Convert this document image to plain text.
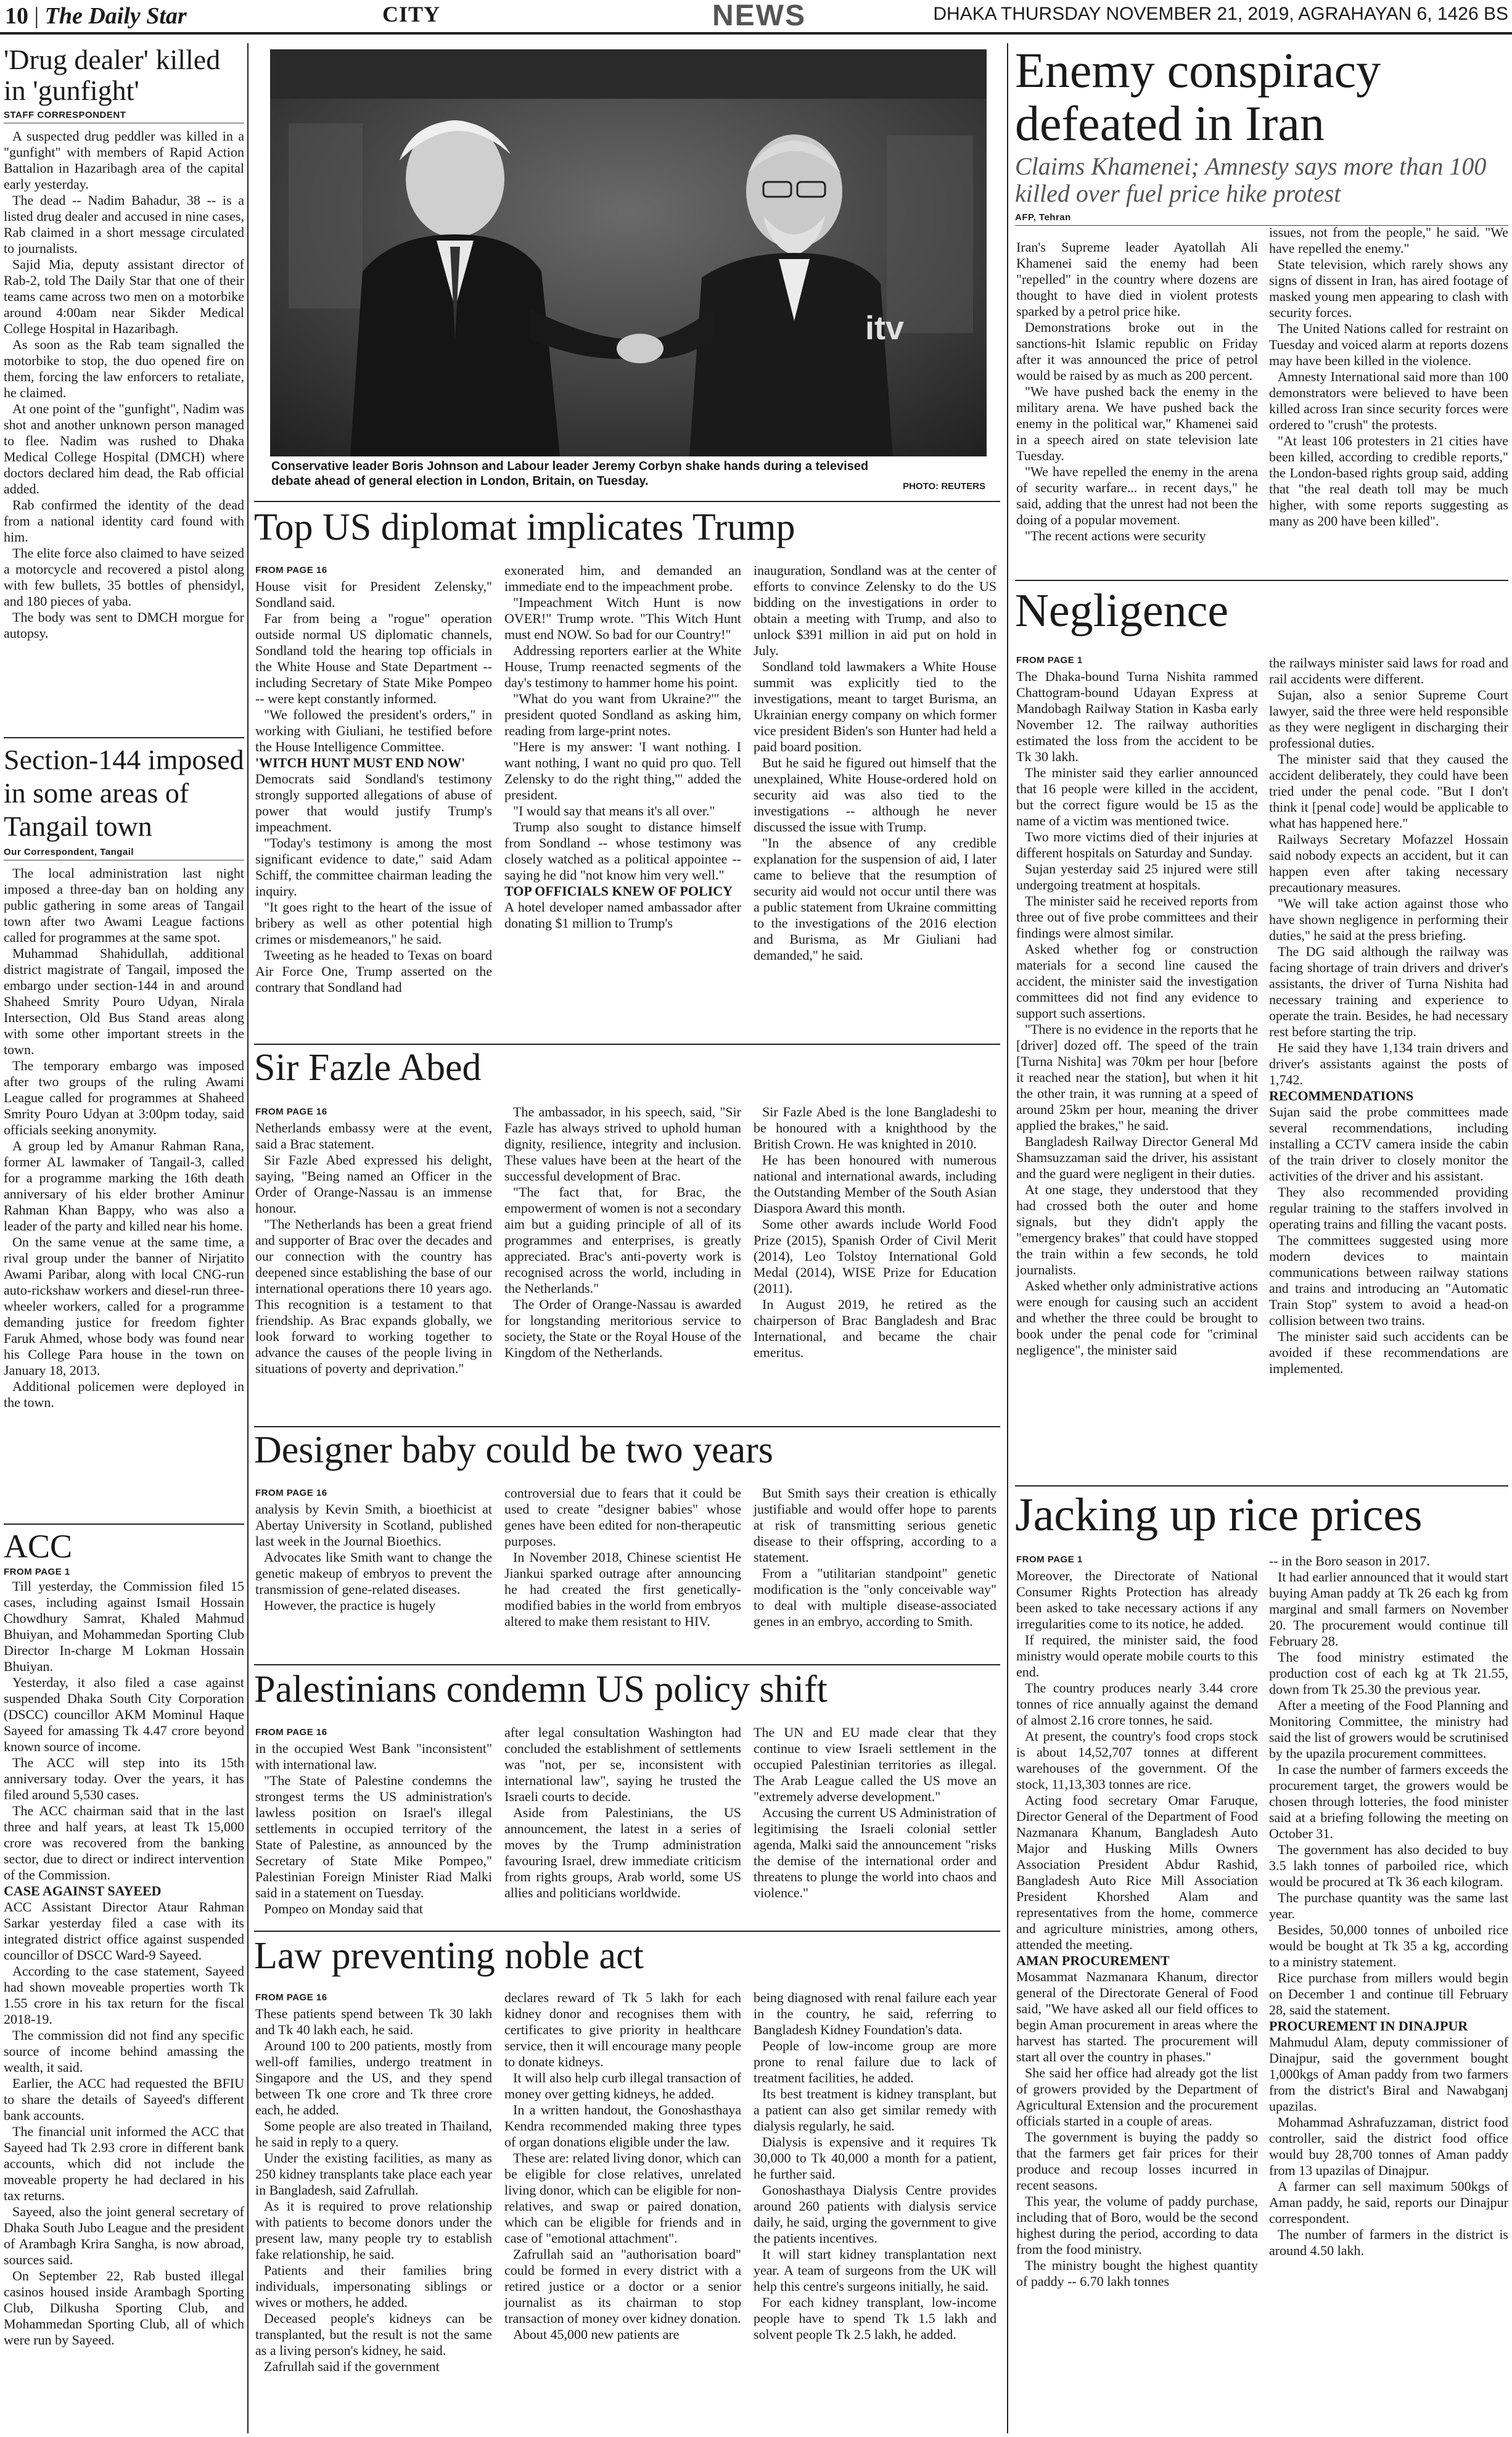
10 | The Daily Star	CITY	NEWS	DHAKA THURSDAY NOVEMBER 21, 2019, AGRAHAYAN 6, 1426 BS
'Drug dealer' killed in 'gunfight'
STAFF CORRESPONDENT

A suspected drug peddler was killed in a "gunfight" with members of Rapid Action Battalion in Hazaribagh area of the capital early yesterday.

The dead -- Nadim Bahadur, 38 -- is a listed drug dealer and accused in nine cases, Rab claimed in a short message circulated to journalists.

Sajid Mia, deputy assistant director of Rab-2, told The Daily Star that one of their teams came across two men on a motorbike around 4:00am near Sikder Medical College Hospital in Hazaribagh.

As soon as the Rab team signalled the motorbike to stop, the duo opened fire on them, forcing the law enforcers to retaliate, he claimed.

At one point of the "gunfight", Nadim was shot and another unknown person managed to flee. Nadim was rushed to Dhaka Medical College Hospital (DMCH) where doctors declared him dead, the Rab official added.

Rab confirmed the identity of the dead from a national identity card found with him.

The elite force also claimed to have seized a motorcycle and recovered a pistol along with few bullets, 35 bottles of phensidyl, and 180 pieces of yaba.

The body was sent to DMCH morgue for autopsy.

Section-144 imposed in some areas of Tangail town
Our Correspondent, Tangail

The local administration last night imposed a three-day ban on holding any public gathering in some areas of Tangail town after two Awami League factions called for programmes at the same spot.

Muhammad Shahidullah, additional district magistrate of Tangail, imposed the embargo under section-144 in and around Shaheed Smrity Pouro Udyan, Nirala Intersection, Old Bus Stand areas along with some other important streets in the town.

The temporary embargo was imposed after two groups of the ruling Awami League called for programmes at Shaheed Smrity Pouro Udyan at 3:00pm today, said officials seeking anonymity.

A group led by Amanur Rahman Rana, former AL lawmaker of Tangail-3, called for a programme marking the 16th death anniversary of his elder brother Aminur Rahman Khan Bappy, who was also a leader of the party and killed near his home.

On the same venue at the same time, a rival group under the banner of Nirjatito Awami Paribar, along with local CNG-run auto-rickshaw workers and diesel-run three-wheeler workers, called for a programme demanding justice for freedom fighter Faruk Ahmed, whose body was found near his College Para house in the town on January 18, 2013.

Additional policemen were deployed in the town.

ACC
FROM PAGE 1

Till yesterday, the Commission filed 15 cases, including against Ismail Hossain Chowdhury Samrat, Khaled Mahmud Bhuiyan, and Mohammedan Sporting Club Director In-charge M Lokman Hossain Bhuiyan.

Yesterday, it also filed a case against suspended Dhaka South City Corporation (DSCC) councillor AKM Mominul Haque Sayeed for amassing Tk 4.47 crore beyond known source of income.

The ACC will step into its 15th anniversary today. Over the years, it has filed around 5,530 cases.

The ACC chairman said that in the last three and half years, at least Tk 15,000 crore was recovered from the banking sector, due to direct or indirect intervention of the Commission.

CASE AGAINST SAYEED

ACC Assistant Director Ataur Rahman Sarkar yesterday filed a case with its integrated district office against suspended councillor of DSCC Ward-9 Sayeed.

According to the case statement, Sayeed had shown moveable properties worth Tk 1.55 crore in his tax return for the fiscal 2018-19.

The commission did not find any specific source of income behind amassing the wealth, it said.

Earlier, the ACC had requested the BFIU to share the details of Sayeed's different bank accounts.

The financial unit informed the ACC that Sayeed had Tk 2.93 crore in different bank accounts, which did not include the moveable property he had declared in his tax returns.

Sayeed, also the joint general secretary of Dhaka South Jubo League and the president of Arambagh Krira Sangha, is now abroad, sources said.

On September 22, Rab busted illegal casinos housed inside Arambagh Sporting Club, Dilkusha Sporting Club, and Mohammedan Sporting Club, all of which were run by Sayeed.

itv
Conservative leader Boris Johnson and Labour leader Jeremy Corbyn shake hands during a televised debate ahead of general election in London, Britain, on Tuesday.	PHOTO: REUTERS
Top US diplomat implicates Trump
FROM PAGE 16

House visit for President Zelensky," Sondland said.

Far from being a "rogue" operation outside normal US diplomatic channels, Sondland told the hearing top officials in the White House and State Department -- including Secretary of State Mike Pompeo -- were kept constantly informed.

"We followed the president's orders," in working with Giuliani, he testified before the House Intelligence Committee.

'WITCH HUNT MUST END NOW'

Democrats said Sondland's testimony strongly supported allegations of abuse of power that would justify Trump's impeachment.

"Today's testimony is among the most significant evidence to date," said Adam Schiff, the committee chairman leading the inquiry.

"It goes right to the heart of the issue of bribery as well as other potential high crimes or misdemeanors," he said.

Tweeting as he headed to Texas on board Air Force One, Trump asserted on the contrary that Sondland had

exonerated him, and demanded an immediate end to the impeachment probe.

"Impeachment Witch Hunt is now OVER!" Trump wrote. "This Witch Hunt must end NOW. So bad for our Country!"

Addressing reporters earlier at the White House, Trump reenacted segments of the day's testimony to hammer home his point.

"What do you want from Ukraine?'" the president quoted Sondland as asking him, reading from large-print notes.

"Here is my answer: 'I want nothing. I want nothing, I want no quid pro quo. Tell Zelensky to do the right thing,'" added the president.

"I would say that means it's all over."

Trump also sought to distance himself from Sondland -- whose testimony was closely watched as a political appointee -- saying he did "not know him very well."

TOP OFFICIALS KNEW OF POLICY

A hotel developer named ambassador after donating $1 million to Trump's

inauguration, Sondland was at the center of efforts to convince Zelensky to do the US bidding on the investigations in order to obtain a meeting with Trump, and also to unlock $391 million in aid put on hold in July.

Sondland told lawmakers a White House summit was explicitly tied to the investigations, meant to target Burisma, an Ukrainian energy company on which former vice president Biden's son Hunter had held a paid board position.

But he said he figured out himself that the unexplained, White House-ordered hold on security aid was also tied to the investigations -- although he never discussed the issue with Trump.

"In the absence of any credible explanation for the suspension of aid, I later came to believe that the resumption of security aid would not occur until there was a public statement from Ukraine committing to the investigations of the 2016 election and Burisma, as Mr Giuliani had demanded," he said.

Sir Fazle Abed
FROM PAGE 16

Netherlands embassy were at the event, said a Brac statement.

Sir Fazle Abed expressed his delight, saying, "Being named an Officer in the Order of Orange-Nassau is an immense honour.

"The Netherlands has been a great friend and supporter of Brac over the decades and our connection with the country has deepened since establishing the base of our international operations there 10 years ago. This recognition is a testament to that friendship. As Brac expands globally, we look forward to working together to advance the causes of the people living in situations of poverty and deprivation."

The ambassador, in his speech, said, "Sir Fazle has always strived to uphold human dignity, resilience, integrity and inclusion. These values have been at the heart of the successful development of Brac.

"The fact that, for Brac, the empowerment of women is not a secondary aim but a guiding principle of all of its programmes and enterprises, is greatly appreciated. Brac's anti-poverty work is recognised across the world, including in the Netherlands."

The Order of Orange-Nassau is awarded for longstanding meritorious service to society, the State or the Royal House of the Kingdom of the Netherlands.

Sir Fazle Abed is the lone Bangladeshi to be honoured with a knighthood by the British Crown. He was knighted in 2010.

He has been honoured with numerous national and international awards, including the Outstanding Member of the South Asian Diaspora Award this month.

Some other awards include World Food Prize (2015), Spanish Order of Civil Merit (2014), Leo Tolstoy International Gold Medal (2014), WISE Prize for Education (2011).

In August 2019, he retired as the chairperson of Brac Bangladesh and Brac International, and became the chair emeritus.

Designer baby could be two years
FROM PAGE 16

analysis by Kevin Smith, a bioethicist at Abertay University in Scotland, published last week in the Journal Bioethics.

Advocates like Smith want to change the genetic makeup of embryos to prevent the transmission of gene-related diseases.

However, the practice is hugely

controversial due to fears that it could be used to create "designer babies" whose genes have been edited for non-therapeutic purposes.

In November 2018, Chinese scientist He Jiankui sparked outrage after announcing he had created the first genetically-modified babies in the world from embryos altered to make them resistant to HIV.

But Smith says their creation is ethically justifiable and would offer hope to parents at risk of transmitting serious genetic disease to their offspring, according to a statement.

From a "utilitarian standpoint" genetic modification is the "only conceivable way" to deal with multiple disease-associated genes in an embryo, according to Smith.

Palestinians condemn US policy shift
FROM PAGE 16

in the occupied West Bank "inconsistent" with international law.

"The State of Palestine condemns the strongest terms the US administration's lawless position on Israel's illegal settlements in occupied territory of the State of Palestine, as announced by the Secretary of State Mike Pompeo," Palestinian Foreign Minister Riad Malki said in a statement on Tuesday.

Pompeo on Monday said that

after legal consultation Washington had concluded the establishment of settlements was "not, per se, inconsistent with international law", saying he trusted the Israeli courts to decide.

Aside from Palestinians, the US announcement, the latest in a series of moves by the Trump administration favouring Israel, drew immediate criticism from rights groups, Arab world, some US allies and politicians worldwide.

The UN and EU made clear that they continue to view Israeli settlement in the occupied Palestinian territories as illegal. The Arab League called the US move an "extremely adverse development."

Accusing the current US Administration of legitimising the Israeli colonial settler agenda, Malki said the announcement "risks the demise of the international order and threatens to plunge the world into chaos and violence."

Law preventing noble act
FROM PAGE 16

These patients spend between Tk 30 lakh and Tk 40 lakh each, he said.

Around 100 to 200 patients, mostly from well-off families, undergo treatment in Singapore and the US, and they spend between Tk one crore and Tk three crore each, he added.

Some people are also treated in Thailand, he said in reply to a query.

Under the existing facilities, as many as 250 kidney transplants take place each year in Bangladesh, said Zafrullah.

As it is required to prove relationship with patients to become donors under the present law, many people try to establish fake relationship, he said.

Patients and their families bring individuals, impersonating siblings or wives or mothers, he added.

Deceased people's kidneys can be transplanted, but the result is not the same as a living person's kidney, he said.

Zafrullah said if the government

declares reward of Tk 5 lakh for each kidney donor and recognises them with certificates to give priority in healthcare service, then it will encourage many people to donate kidneys.

It will also help curb illegal transaction of money over getting kidneys, he added.

In a written handout, the Gonoshasthaya Kendra recommended making three types of organ donations eligible under the law.

These are: related living donor, which can be eligible for close relatives, unrelated living donor, which can be eligible for non-relatives, and swap or paired donation, which can be eligible for friends and in case of "emotional attachment".

Zafrullah said an "authorisation board" could be formed in every district with a retired justice or a doctor or a senior journalist as its chairman to stop transaction of money over kidney donation.

About 45,000 new patients are

being diagnosed with renal failure each year in the country, he said, referring to Bangladesh Kidney Foundation's data.

People of low-income group are more prone to renal failure due to lack of treatment facilities, he added.

Its best treatment is kidney transplant, but a patient can also get similar remedy with dialysis regularly, he said.

Dialysis is expensive and it requires Tk 30,000 to Tk 40,000 a month for a patient, he further said.

Gonoshasthaya Dialysis Centre provides around 260 patients with dialysis service daily, he said, urging the government to give the patients incentives.

It will start kidney transplantation next year. A team of surgeons from the UK will help this centre's surgeons initially, he said.

For each kidney transplant, low-income people have to spend Tk 1.5 lakh and solvent people Tk 2.5 lakh, he added.

Enemy conspiracy defeated in Iran
Claims Khamenei; Amnesty says more than 100 killed over fuel price hike protest
AFP, Tehran

Iran's Supreme leader Ayatollah Ali Khamenei said the enemy had been "repelled" in the country where dozens are thought to have died in violent protests sparked by a petrol price hike.

Demonstrations broke out in the sanctions-hit Islamic republic on Friday after it was announced the price of petrol would be raised by as much as 200 percent.

"We have pushed back the enemy in the military arena. We have pushed back the enemy in the political war," Khamenei said in a speech aired on state television late Tuesday.

"We have repelled the enemy in the arena of security warfare... in recent days," he said, adding that the unrest had not been the doing of a popular movement.

"The recent actions were security

issues, not from the people," he said. "We have repelled the enemy."

State television, which rarely shows any signs of dissent in Iran, has aired footage of masked young men appearing to clash with security forces.

The United Nations called for restraint on Tuesday and voiced alarm at reports dozens may have been killed in the violence.

Amnesty International said more than 100 demonstrators were believed to have been killed across Iran since security forces were ordered to "crush" the protests.

"At least 106 protesters in 21 cities have been killed, according to credible reports," the London-based rights group said, adding that "the real death toll may be much higher, with some reports suggesting as many as 200 have been killed".

Negligence
FROM PAGE 1

The Dhaka-bound Turna Nishita rammed Chattogram-bound Udayan Express at Mandobagh Railway Station in Kasba early November 12. The railway authorities estimated the loss from the accident to be Tk 30 lakh.

The minister said they earlier announced that 16 people were killed in the accident, but the correct figure would be 15 as the name of a victim was mentioned twice.

Two more victims died of their injuries at different hospitals on Saturday and Sunday.

Sujan yesterday said 25 injured were still undergoing treatment at hospitals.

The minister said he received reports from three out of five probe committees and their findings were almost similar.

Asked whether fog or construction materials for a second line caused the accident, the minister said the investigation committees did not find any evidence to support such assertions.

"There is no evidence in the reports that he [driver] dozed off. The speed of the train [Turna Nishita] was 70km per hour [before it reached near the station], but when it hit the other train, it was running at a speed of around 25km per hour, meaning the driver applied the brakes," he said.

Bangladesh Railway Director General Md Shamsuzzaman said the driver, his assistant and the guard were negligent in their duties.

At one stage, they understood that they had crossed both the outer and home signals, but they didn't apply the "emergency brakes" that could have stopped the train within a few seconds, he told journalists.

Asked whether only administrative actions were enough for causing such an accident and whether the three could be brought to book under the penal code for "criminal negligence", the minister said

the railways minister said laws for road and rail accidents were different.

Sujan, also a senior Supreme Court lawyer, said the three were held responsible as they were negligent in discharging their professional duties.

The minister said that they caused the accident deliberately, they could have been tried under the penal code. "But I don't think it [penal code] would be applicable to what has happened here."

Railways Secretary Mofazzel Hossain said nobody expects an accident, but it can happen even after taking necessary precautionary measures.

"We will take action against those who have shown negligence in performing their duties," he said at the press briefing.

The DG said although the railway was facing shortage of train drivers and driver's assistants, the driver of Turna Nishita had necessary training and experience to operate the train. Besides, he had necessary rest before starting the trip.

He said they have 1,134 train drivers and driver's assistants against the posts of 1,742.

RECOMMENDATIONS

Sujan said the probe committees made several recommendations, including installing a CCTV camera inside the cabin of the train driver to closely monitor the activities of the driver and his assistant.

They also recommended providing regular training to the staffers involved in operating trains and filling the vacant posts.

The committees suggested using more modern devices to maintain communications between railway stations and trains and introducing an "Automatic Train Stop" system to avoid a head-on collision between two trains.

The minister said such accidents can be avoided if these recommendations are implemented.

Jacking up rice prices
FROM PAGE 1

Moreover, the Directorate of National Consumer Rights Protection has already been asked to take necessary actions if any irregularities come to its notice, he added.

If required, the minister said, the food ministry would operate mobile courts to this end.

The country produces nearly 3.44 crore tonnes of rice annually against the demand of almost 2.16 crore tonnes, he said.

At present, the country's food crops stock is about 14,52,707 tonnes at different warehouses of the government. Of the stock, 11,13,303 tonnes are rice.

Acting food secretary Omar Faruque, Director General of the Department of Food Nazmanara Khanum, Bangladesh Auto Major and Husking Mills Owners Association President Abdur Rashid, Bangladesh Auto Rice Mill Association President Khorshed Alam and representatives from the home, commerce and agriculture ministries, among others, attended the meeting.

AMAN PROCUREMENT

Mosammat Nazmanara Khanum, director general of the Directorate General of Food said, "We have asked all our field offices to begin Aman procurement in areas where the harvest has started. The procurement will start all over the country in phases."

She said her office had already got the list of growers provided by the Department of Agricultural Extension and the procurement officials started in a couple of areas.

The government is buying the paddy so that the farmers get fair prices for their produce and recoup losses incurred in recent seasons.

This year, the volume of paddy purchase, including that of Boro, would be the second highest during the period, according to data from the food ministry.

The ministry bought the highest quantity of paddy -- 6.70 lakh tonnes

-- in the Boro season in 2017.

It had earlier announced that it would start buying Aman paddy at Tk 26 each kg from marginal and small farmers on November 20. The procurement would continue till February 28.

The food ministry estimated the production cost of each kg at Tk 21.55, down from Tk 25.30 the previous year.

After a meeting of the Food Planning and Monitoring Committee, the ministry had said the list of growers would be scrutinised by the upazila procurement committees.

In case the number of farmers exceeds the procurement target, the growers would be chosen through lotteries, the food minister said at a briefing following the meeting on October 31.

The government has also decided to buy 3.5 lakh tonnes of parboiled rice, which would be procured at Tk 36 each kilogram.

The purchase quantity was the same last year.

Besides, 50,000 tonnes of unboiled rice would be bought at Tk 35 a kg, according to a ministry statement.

Rice purchase from millers would begin on December 1 and continue till February 28, said the statement.

PROCUREMENT IN DINAJPUR

Mahmudul Alam, deputy commissioner of Dinajpur, said the government bought 1,000kgs of Aman paddy from two farmers from the district's Biral and Nawabganj upazilas.

Mohammad Ashrafuzzaman, district food controller, said the district food office would buy 28,700 tonnes of Aman paddy from 13 upazilas of Dinajpur.

A farmer can sell maximum 500kgs of Aman paddy, he said, reports our Dinajpur correspondent.

The number of farmers in the district is around 4.50 lakh.
